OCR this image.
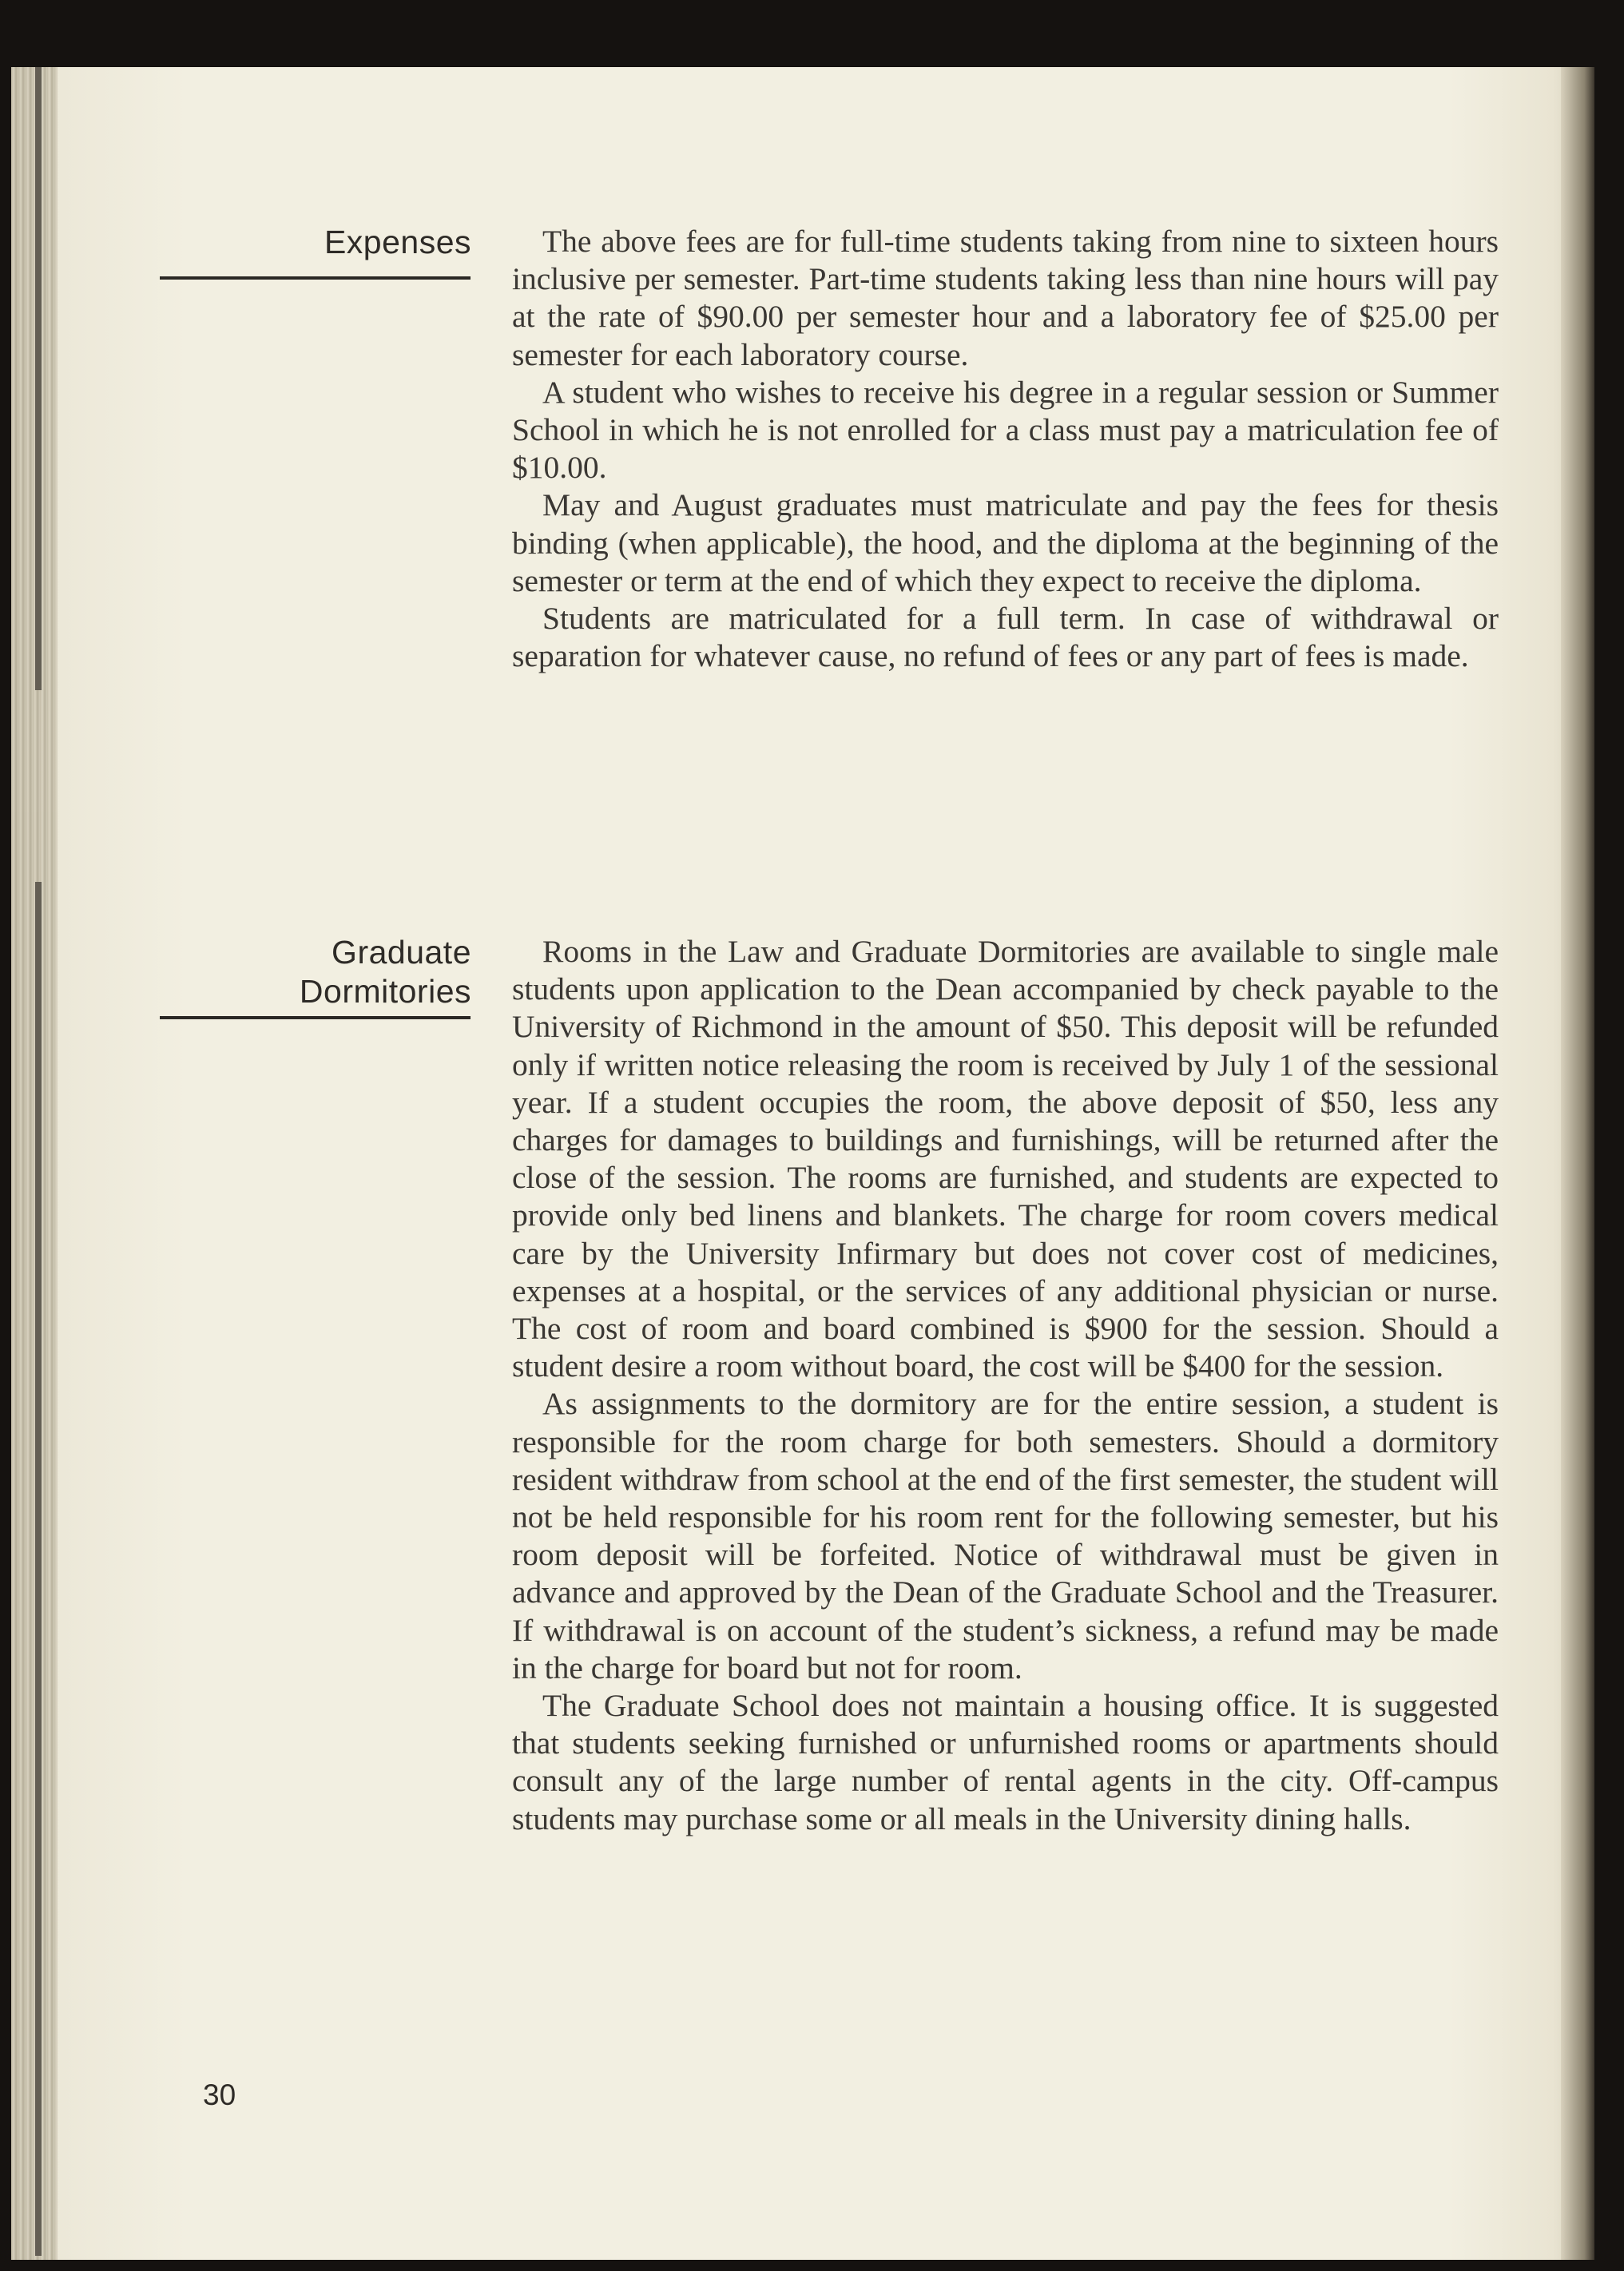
Expenses	The above fees are for full-time students taking from nine to sixteen hours inclusive per semester. Part-time students taking less than nine hours will pay at the rate of $90.00 per semester hour and a laboratory fee of $25.00 per semester for each laboratory course.

A student who wishes to receive his degree in a regular session or Summer School in which he is not enrolled for a class must pay a matriculation fee of $10.00.

May and August graduates must matriculate and pay the fees for thesis binding (when applicable), the hood, and the diploma at the beginning of the semester or term at the end of which they expect to receive the diploma.

Students are matriculated for a full term. In case of withdrawal or separation for whatever cause, no refund of fees or any part of fees is made.

Graduate
Dormitories

Rooms in the Law and Graduate Dormitories are available to single male students upon application to the Dean accompanied by check payable to the University of Richmond in the amount of $50. This deposit will be refunded only if written notice releasing the room is received by July 1 of the sessional year. If a student occupies the room, the above deposit of $50, less any charges for damages to buildings and furnishings, will be returned after the close of the session. The rooms are furnished, and students are expected to provide only bed linens and blankets. The charge for room covers medical care by the University Infirmary but does not cover cost of medicines, expenses at a hospital, or the services of any additional physician or nurse. The cost of room and board combined is $900 for the session. Should a student desire a room without board, the cost will be $400 for the session.

As assignments to the dormitory are for the entire session, a student is responsible for the room charge for both semesters. Should a dormitory resident withdraw from school at the end of the first semester, the student will not be held responsible for his room rent for the following semester, but his room deposit will be forfeited. Notice of withdrawal must be given in advance and approved by the Dean of the Graduate School and the Treasurer. If withdrawal is on account of the student’s sickness, a refund may be made in the charge for board but not for room.

The Graduate School does not maintain a housing office. It is suggested that students seeking furnished or unfurnished rooms or apartments should consult any of the large number of rental agents in the city. Off-campus students may purchase some or all meals in the University dining halls.

30
